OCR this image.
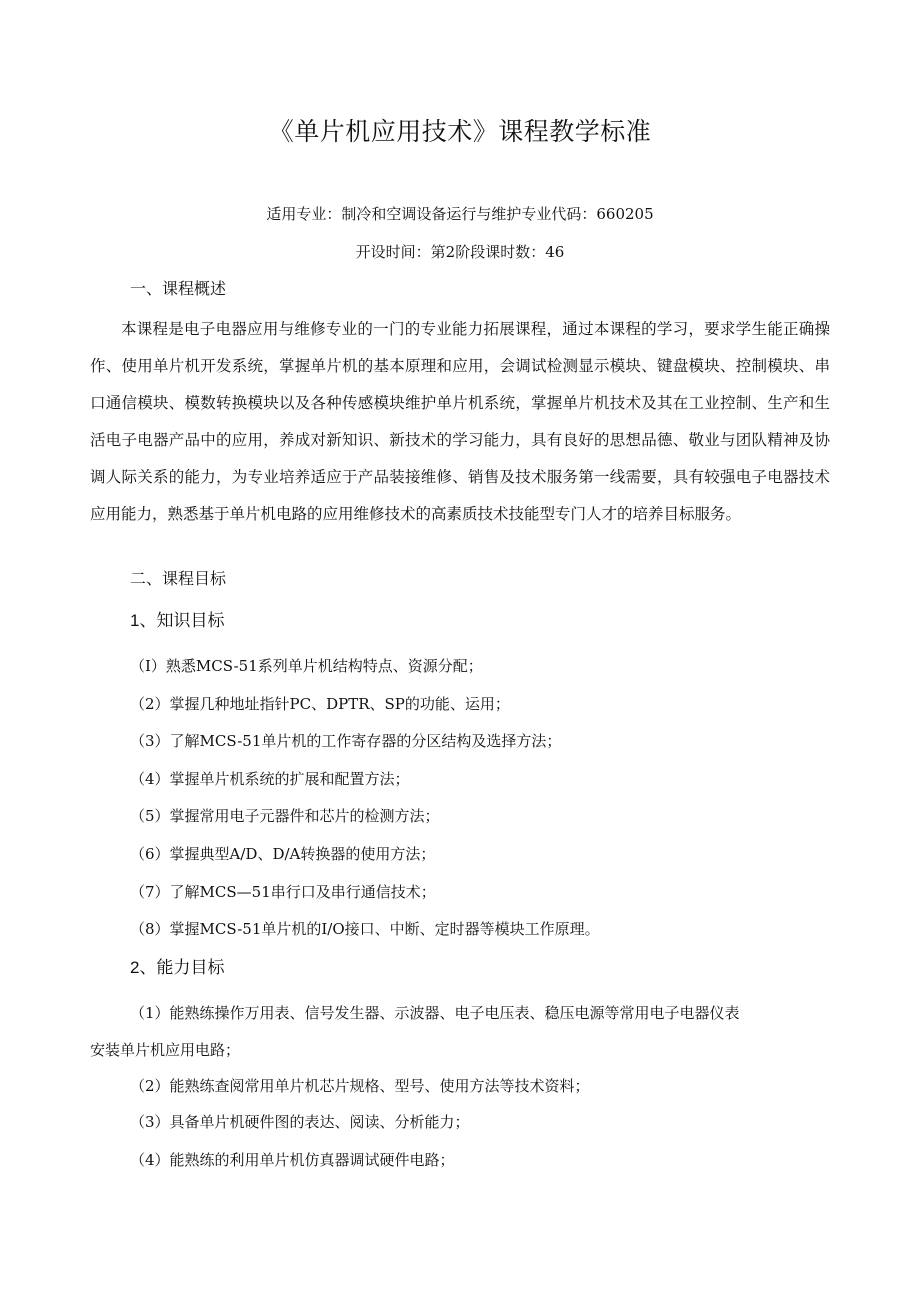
《单片机应用技术》课程教学标准
适用专业：制冷和空调设备运行与维护专业代码：660205
开设时间：第2阶段课时数：46
一、课程概述

本课程是电子电器应用与维修专业的一门的专业能力拓展课程，通过本课程的学习，要求学生能正确操作、使用单片机开发系统，掌握单片机的基本原理和应用，会调试检测显示模块、键盘模块、控制模块、串口通信模块、模数转换模块以及各种传感模块维护单片机系统，掌握单片机技术及其在工业控制、生产和生活电子电器产品中的应用，养成对新知识、新技术的学习能力，具有良好的思想品德、敬业与团队精神及协调人际关系的能力，为专业培养适应于产品装接维修、销售及技术服务第一线需要，具有较强电子电器技术应用能力，熟悉基于单片机电路的应用维修技术的高素质技术技能型专门人才的培养目标服务。

二、课程目标
1、知识目标
（I）熟悉MCS-51系列单片机结构特点、资源分配；
（2）掌握几种地址指针PC、DPTR、SP的功能、运用；
（3）了解MCS-51单片机的工作寄存器的分区结构及选择方法；
（4）掌握单片机系统的扩展和配置方法；
（5）掌握常用电子元器件和芯片的检测方法；
（6）掌握典型A/D、D/A转换器的使用方法；
（7）了解MCS—51串行口及串行通信技术；
（8）掌握MCS-51单片机的I/O接口、中断、定时器等模块工作原理。
2、能力目标
（1）能熟练操作万用表、信号发生器、示波器、电子电压表、稳压电源等常用电子电器仪表
安装单片机应用电路；
（2）能熟练查阅常用单片机芯片规格、型号、使用方法等技术资料；
（3）具备单片机硬件图的表达、阅读、分析能力；
（4）能熟练的利用单片机仿真器调试硬件电路；
